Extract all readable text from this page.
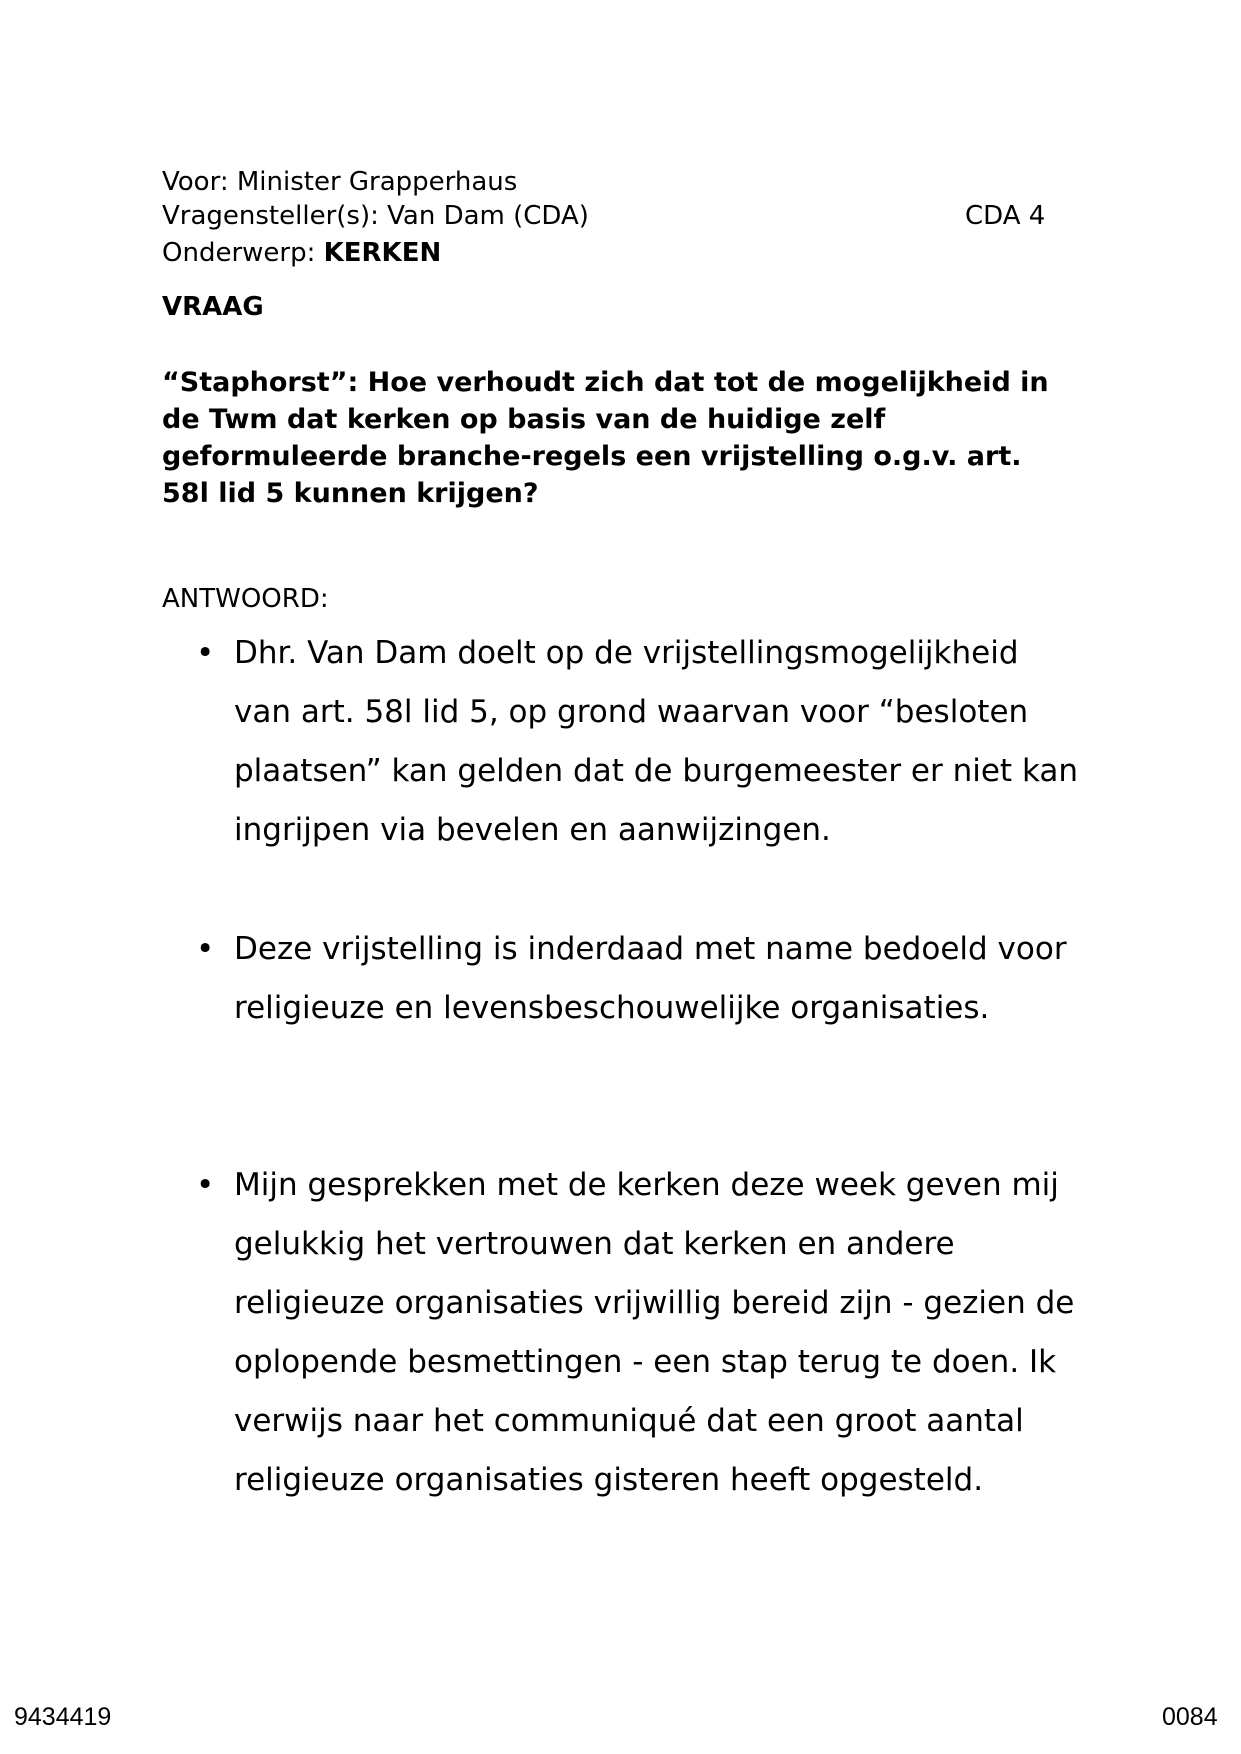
Voor: Minister Grapperhaus
Vragensteller(s): Van Dam (CDA)
Onderwerp: KERKEN
CDA 4
VRAAG
“Staphorst”: Hoe verhoudt zich dat tot de mogelijkheid in de Twm dat kerken op basis van de huidige zelf geformuleerde branche-regels een vrijstelling o.g.v. art. 58l lid 5 kunnen krijgen?
ANTWOORD:
• Dhr. Van Dam doelt op de vrijstellingsmogelijkheid van art. 58l lid 5, op grond waarvan voor “besloten plaatsen” kan gelden dat de burgemeester er niet kan ingrijpen via bevelen en aanwijzingen.
• Deze vrijstelling is inderdaad met name bedoeld voor religieuze en levensbeschouwelijke organisaties.
• Mijn gesprekken met de kerken deze week geven mij gelukkig het vertrouwen dat kerken en andere religieuze organisaties vrijwillig bereid zijn - gezien de oplopende besmettingen - een stap terug te doen. Ik verwijs naar het communiqué dat een groot aantal religieuze organisaties gisteren heeft opgesteld.
9434419	0084
